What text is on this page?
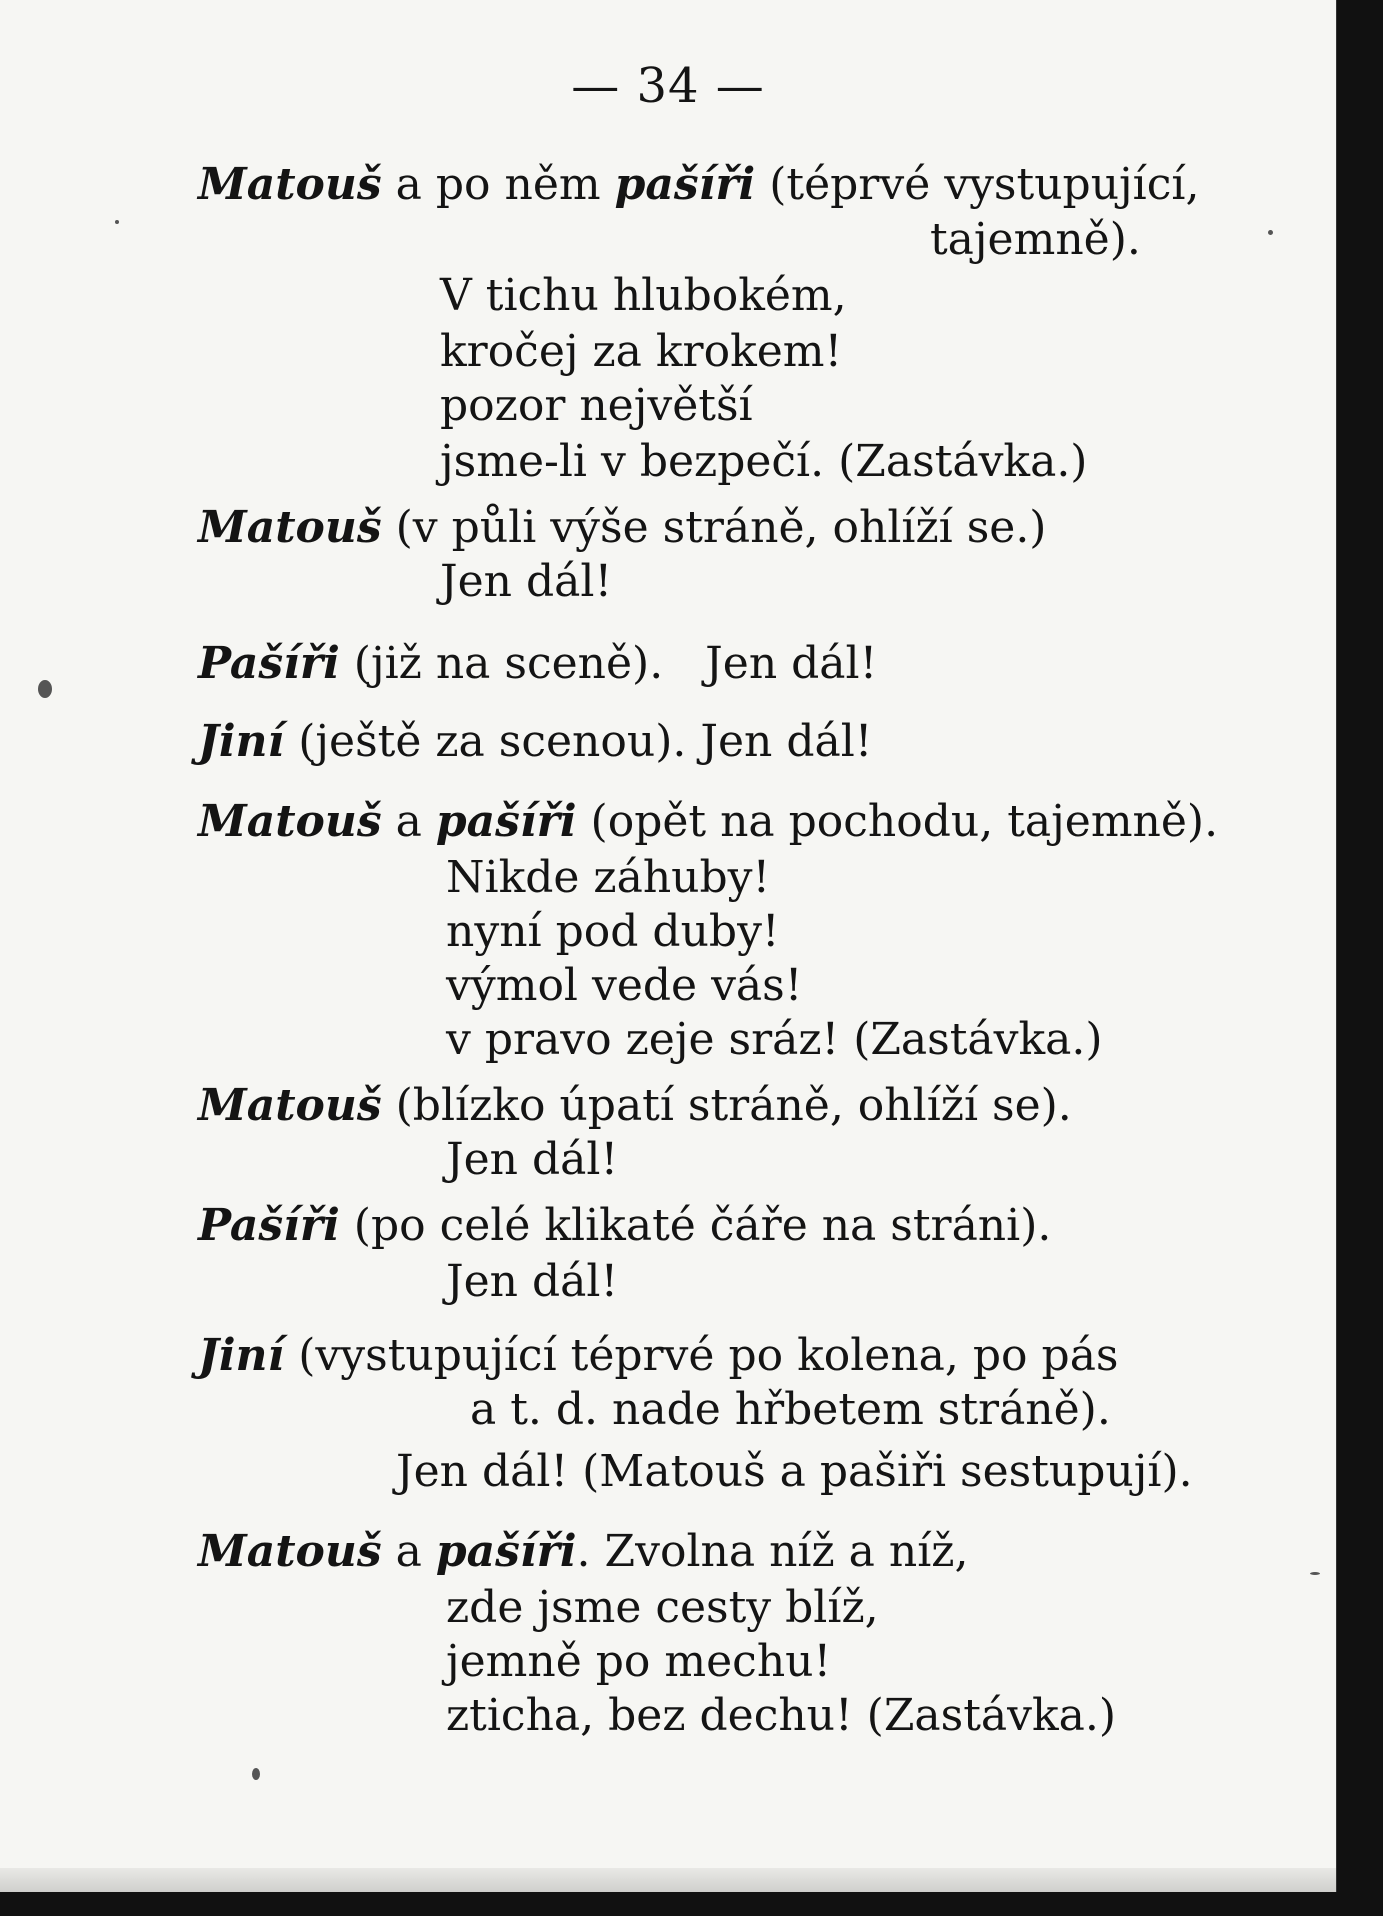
— 34 —
Matouš a po něm pašíři (téprvé vystupující,
tajemně).
V tichu hlubokém,
kročej za krokem!
pozor největší
jsme-li v bezpečí. (Zastávka.)
Matouš (v půli výše stráně, ohlíží se.)
Jen dál!
Pašíři (již na sceně).   Jen dál!
Jiní (ještě za scenou). Jen dál!
Matouš a pašíři (opět na pochodu, tajemně).
Nikde záhuby!
nyní pod duby!
výmol vede vás!
v pravo zeje sráz! (Zastávka.)
Matouš (blízko úpatí stráně, ohlíží se).
Jen dál!
Pašíři (po celé klikaté čáře na stráni).
Jen dál!
Jiní (vystupující téprvé po kolena, po pás
a t. d. nade hřbetem stráně).
Jen dál! (Matouš a pašiři sestupují).
Matouš a pašíři. Zvolna níž a níž,
zde jsme cesty blíž,
jemně po mechu!
zticha, bez dechu! (Zastávka.)
